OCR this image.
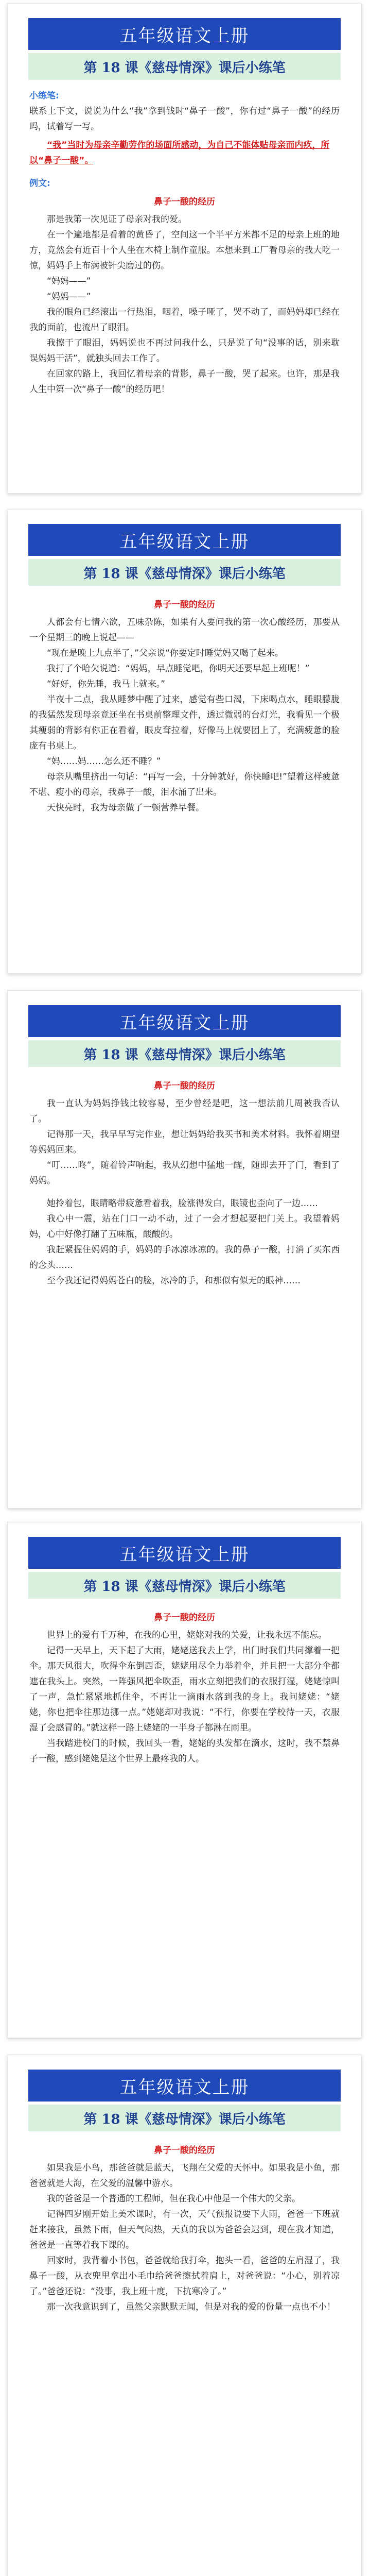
五年级语文上册
第 18 课《慈母情深》课后小练笔

小练笔:

联系上下文，说说为什么“我”拿到钱时“鼻子一酸”，你有过“鼻子一酸”的经历吗，试着写一写。

“我”当时为母亲辛勤劳作的场面所感动，为自己不能体贴母亲而内疚，所以“鼻子一酸”。

例文:

鼻子一酸的经历

那是我第一次见证了母亲对我的爱。

在一个遍地都是看着的黄昏了，空间这一个半平方米都不足的母亲上班的地方，竟然会有近百十个人坐在木椅上制作童服。本想来到工厂看母亲的我大吃一惊，妈妈手上布满被针尖磨过的伤。

“妈妈——”

“妈妈——”

我的眼角已经滚出一行热泪，咽着，嗓子哑了，哭不动了，而妈妈却已经在我的面前，也流出了眼泪。

我擦干了眼泪，妈妈说也不再过问我什么，只是说了句“没事的话，别来耽误妈妈干活”，就独头回去工作了。

在回家的路上，我回忆着母亲的背影，鼻子一酸，哭了起来。也许，那是我人生中第一次“鼻子一酸”的经历吧！

五年级语文上册
第 18 课《慈母情深》课后小练笔

鼻子一酸的经历

人都会有七情六欲，五味杂陈，如果有人要问我的第一次心酸经历，那要从一个星期三的晚上说起——

“现在是晚上九点半了，”父亲说“你要定时睡觉妈又喝了起来。

我打了个哈欠说道：“妈妈，早点睡觉吧，你明天还要早起上班呢！”

“好好，你先睡，我马上就来。”

半夜十二点，我从睡梦中醒了过来，感觉有些口渴，下床喝点水，睡眼朦胧的我猛然发现母亲竟还坐在书桌前整理文件，透过微弱的台灯光，我看见一个极其瘦弱的背影有你正在看着，眼皮耷拉着，好像马上就要团上了，充满疲惫的脸庞有书桌上。

“妈……妈……怎么还不睡？”

母亲从嘴里挤出一句话：“再写一会，十分钟就好，你快睡吧!”望着这样疲惫不堪、瘦小的母亲，我鼻子一酸，泪水涌了出来。

天快亮时，我为母亲做了一顿营养早餐。

五年级语文上册
第 18 课《慈母情深》课后小练笔

鼻子一酸的经历

我一直认为妈妈挣钱比较容易，至少曾经是吧，这一想法前几周被我否认了。

记得那一天，我早早写完作业，想让妈妈给我买书和美术材料。我怀着期望等妈妈回来。

“叮……咚”，随着铃声响起，我从幻想中猛地一醒，随即去开了门，看到了妈妈。

她拎着包，眼睛略带疲惫看着我，脸涨得发白，眼镜也歪向了一边……

我心中一震，站在门口一动不动，过了一会才想起要把门关上。我望着妈妈，心中好像打翻了五味瓶，酸酸的。

我赶紧握住妈妈的手，妈妈的手冰凉冰凉的。我的鼻子一酸，打消了买东西的念头……

至今我还记得妈妈苍白的脸，冰冷的手，和那似有似无的眼神……

五年级语文上册
第 18 课《慈母情深》课后小练笔

鼻子一酸的经历

世界上的爱有千万种，在我的心里，姥姥对我的关爱，让我永远不能忘。

记得一天早上，天下起了大雨，姥姥送我去上学，出门时我们共同撑着一把伞。那天风很大，吹得伞东倒西歪，姥姥用尽全力举着伞，并且把一大部分伞都遮在我头上。突然，一阵强风把伞吹歪，雨水立刻把我们的衣服打湿，姥姥惊叫了一声，急忙紧紧地抓住伞，不再让一滴雨水落到我的身上。我问姥姥：“姥姥，你也把伞往那边挪一点。”姥姥却对我说：“不行，你要在学校待一天，衣服湿了会感冒的。”就这样一路上姥姥的一半身子都淋在雨里。

当我踏进校门的时候，我回头一看，姥姥的头发都在滴水，这时，我不禁鼻子一酸，感到姥姥是这个世界上最疼我的人。

五年级语文上册
第 18 课《慈母情深》课后小练笔

鼻子一酸的经历

如果我是小鸟，那爸爸就是蓝天，飞翔在父爱的天怀中。如果我是小鱼，那爸爸就是大海，在父爱的温馨中游水。

我的爸爸是一个普通的工程师，但在我心中他是一个伟大的父亲。

记得四岁刚开始上美术课时，有一次，天气预报说要下大雨，爸爸一下班就赶来接我，虽然下雨，但天气闷热，天真的我以为爸爸会迟到，现在我才知道，爸爸是一直等着我下课的。

回家时，我背着小书包，爸爸就给我打伞，抱头一看，爸爸的左肩湿了，我鼻子一酸，从衣兜里拿出小毛巾给爸爸擦拭着肩上，对爸爸说：“小心，别着凉了。”爸爸还说：“没事，我上班十度，下抗寒冷了。”

那一次我意识到了，虽然父亲默默无闻，但是对我的爱的份量一点也不小！
